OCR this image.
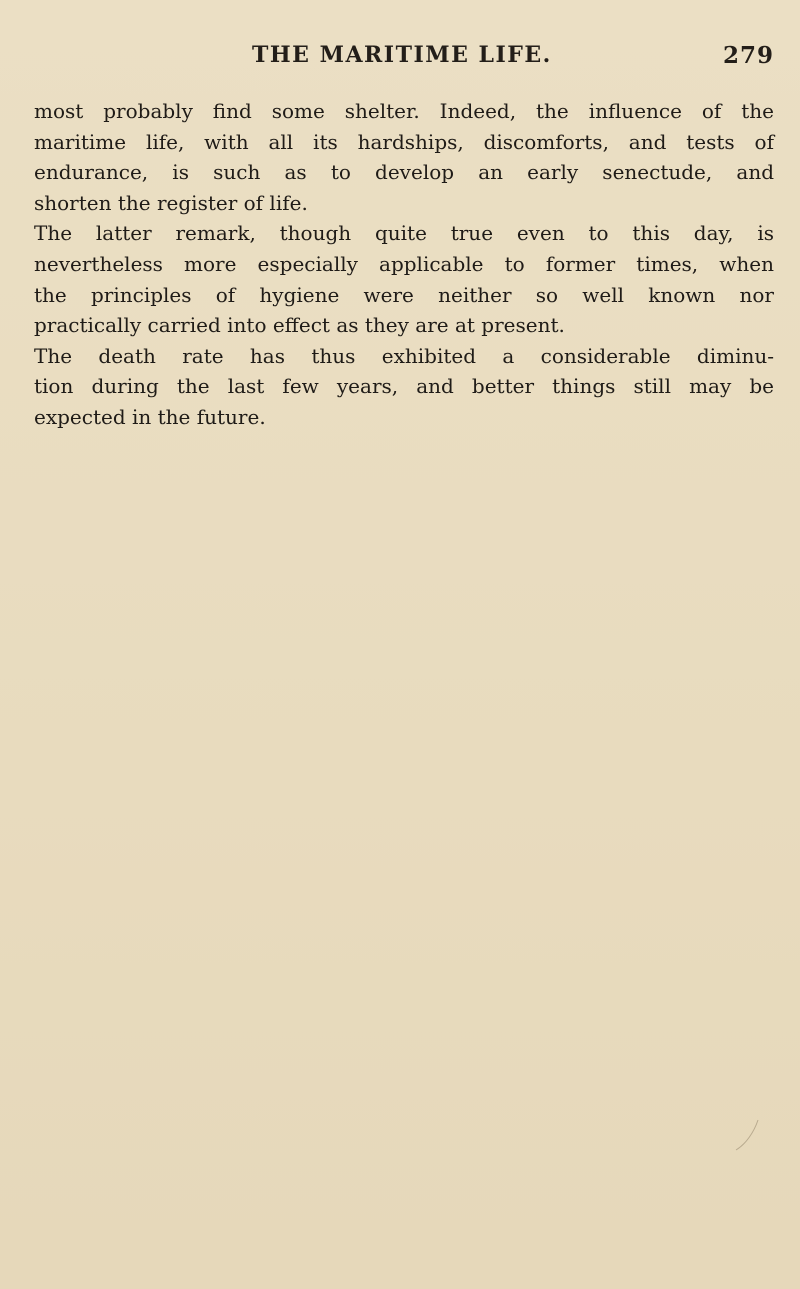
THE MARITIME LIFE.	279
most probably find some shelter. Indeed, the influence of the
maritime life, with all its hardships, discomforts, and tests of
endurance, is such as to develop an early senectude, and
shorten the register of life.
The latter remark, though quite true even to this day, is
nevertheless more especially applicable to former times, when
the principles of hygiene were neither so well known nor
practically carried into effect as they are at present.
The death rate has thus exhibited a considerable diminu-
tion during the last few years, and better things still may be
expected in the future.
